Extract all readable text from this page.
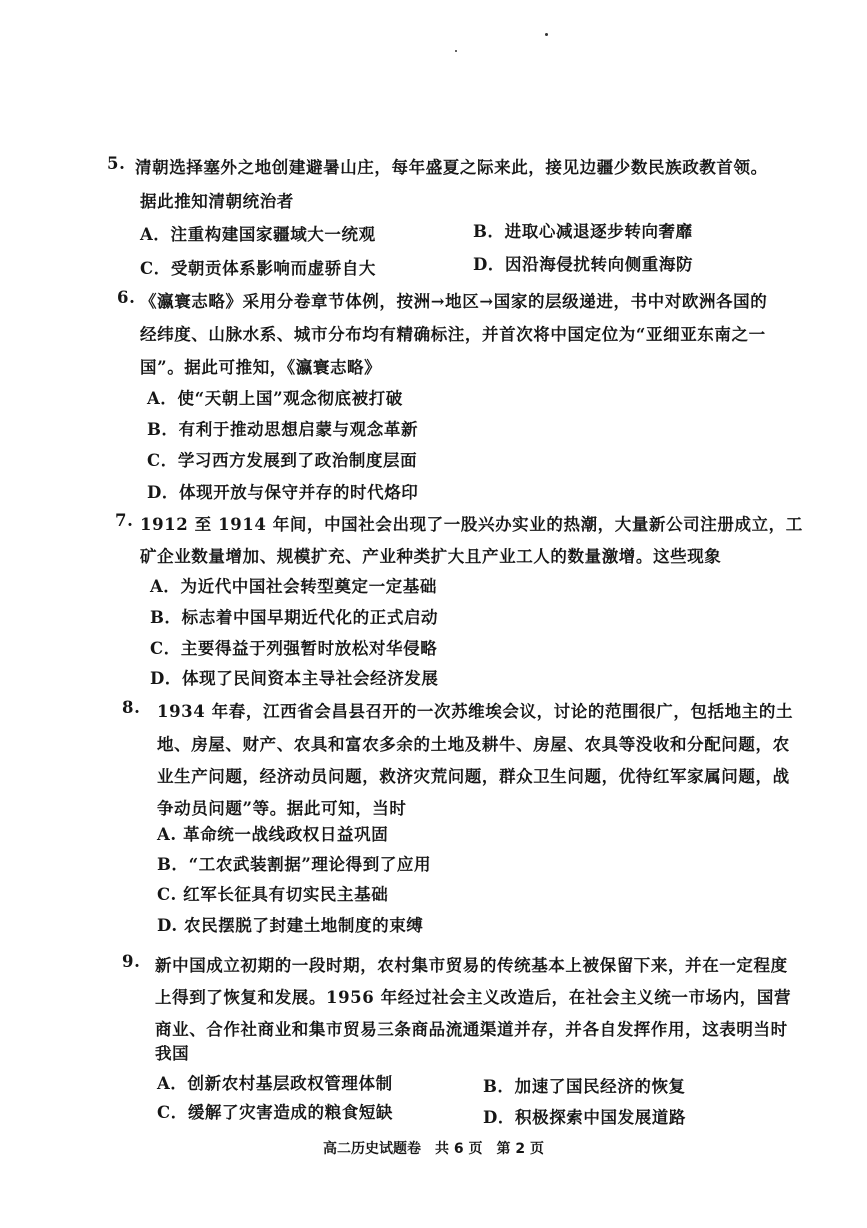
5. 清朝选择塞外之地创建避暑山庄，每年盛夏之际来此，接见边疆少数民族政教首领。
据此推知清朝统治者
A．注重构建国家疆域大一统观	B．进取心减退逐步转向奢靡
C．受朝贡体系影响而虚骄自大	D．因沿海侵扰转向侧重海防
6. 《瀛寰志略》采用分卷章节体例，按洲→地区→国家的层级递进，书中对欧洲各国的
经纬度、山脉水系、城市分布均有精确标注，并首次将中国定位为“亚细亚东南之一
国”。据此可推知，《瀛寰志略》
A．使“天朝上国”观念彻底被打破
B．有利于推动思想启蒙与观念革新
C．学习西方发展到了政治制度层面
D．体现开放与保守并存的时代烙印
7. 1912 至 1914 年间，中国社会出现了一股兴办实业的热潮，大量新公司注册成立，工
矿企业数量增加、规模扩充、产业种类扩大且产业工人的数量激增。这些现象
A．为近代中国社会转型奠定一定基础
B．标志着中国早期近代化的正式启动
C．主要得益于列强暂时放松对华侵略
D．体现了民间资本主导社会经济发展
8. 1934 年春，江西省会昌县召开的一次苏维埃会议，讨论的范围很广，包括地主的土
地、房屋、财产、农具和富农多余的土地及耕牛、房屋、农具等没收和分配问题，农
业生产问题，经济动员问题，救济灾荒问题，群众卫生问题，优待红军家属问题，战
争动员问题”等。据此可知，当时
A. 革命统一战线政权日益巩固
B．“工农武装割据”理论得到了应用
C. 红军长征具有切实民主基础
D. 农民摆脱了封建土地制度的束缚
9. 新中国成立初期的一段时期，农村集市贸易的传统基本上被保留下来，并在一定程度
上得到了恢复和发展。1956 年经过社会主义改造后，在社会主义统一市场内，国营
商业、合作社商业和集市贸易三条商品流通渠道并存，并各自发挥作用，这表明当时
我国
A．创新农村基层政权管理体制	B．加速了国民经济的恢复
C．缓解了灾害造成的粮食短缺	D．积极探索中国发展道路
高二历史试题卷　共 6 页　第 2 页
